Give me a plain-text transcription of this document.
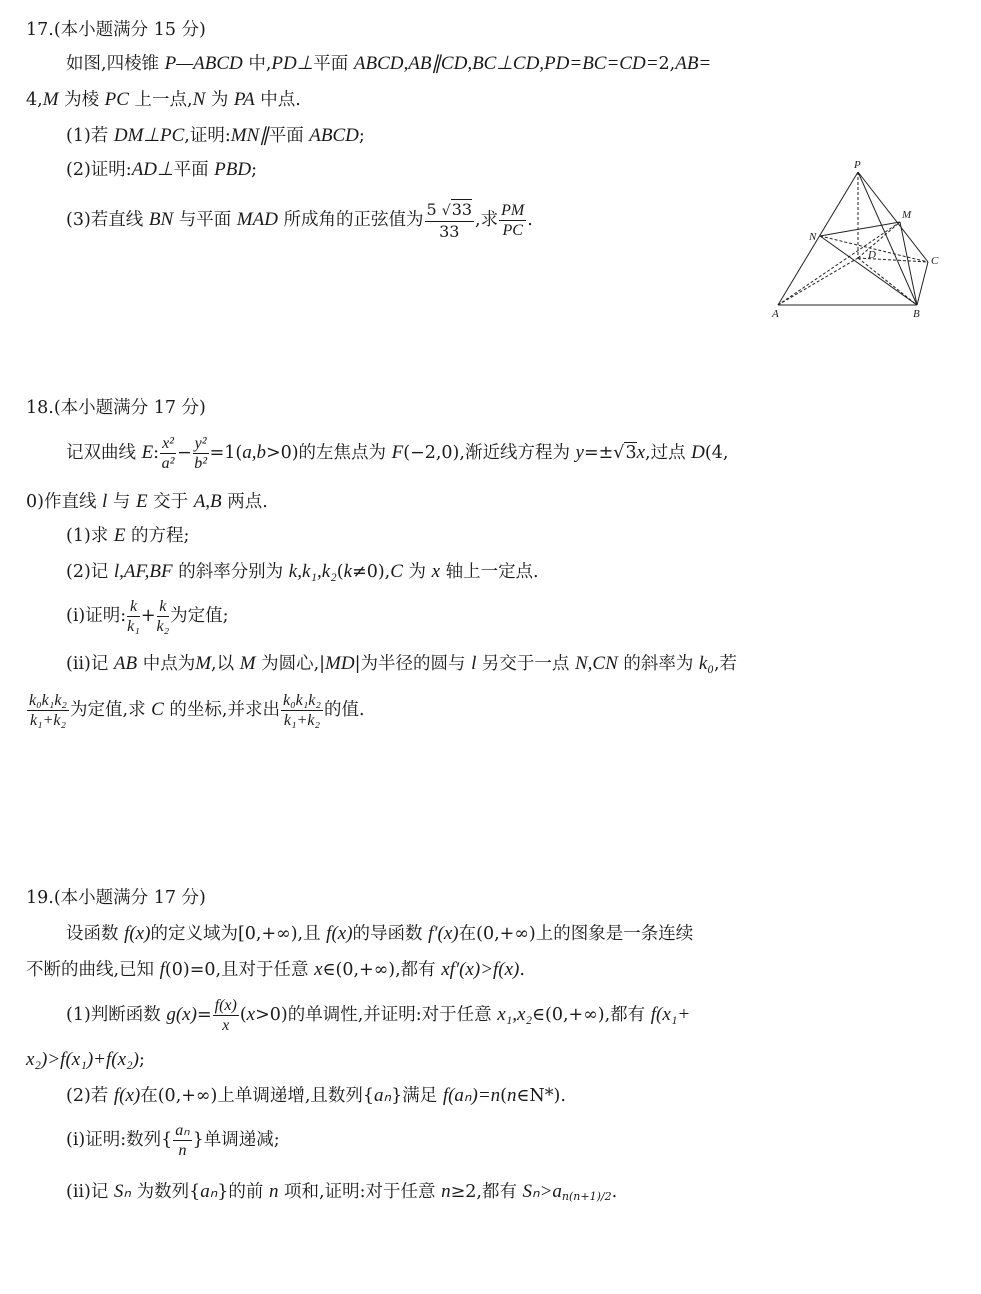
17.(本小题满分 15 分)
如图,四棱锥 P—ABCD 中,PD⊥平面 ABCD,AB∥CD,BC⊥CD,PD=BC=CD=2,AB=
4,M 为棱 PC 上一点,N 为 PA 中点.
(1)若 DM⊥PC,证明:MN∥平面 ABCD;
(2)证明:AD⊥平面 PBD;
(3)若直线 BN 与平面 MAD 所成角的正弦值为 $\frac{5 √33}{33}$ ,求 $\frac{PM}{PC}$ .
P
M
N
D	C
A	B
18.(本小题满分 17 分)
记双曲线 E: $\frac{\text{x²}}{\text{a²}} - \frac{\text{y²}}{\text{b²}} =1(a,b>0)$的左焦点为 F(−2,0),渐近线方程为 y=±√3x,过点 D(4,
0)作直线 l 与 E 交于 A,B 两点.
(1)求 E 的方程;
(2)记 l,AF,BF 的斜率分别为 k,k₁,k₂(k≠0),C 为 x 轴上一定点.
(ⅰ)证明: $\frac{k}{\text{k₁}} + \frac{k}{\text{k₂}}$ 为定值;
(ⅱ)记 AB 中点为M,以 M 为圆心,|MD|为半径的圆与 l 另交于一点 N,CN 的斜率为 k₀,若
$\frac{\text{k₀k₁k₂}}{\text{k₁+k₂}}$ 为定值,求 C 的坐标,并求出 $\frac{\text{k₀k₁k₂}}{\text{k₁+k₂}}$ 的值.
19.(本小题满分 17 分)
设函数 f(x)的定义域为[0,+∞),且 f(x)的导函数 f′(x)在(0,+∞)上的图象是一条连续
不断的曲线,已知 f(0)=0,且对于任意 x∈(0,+∞),都有 xf′(x)>f(x).
(1)判断函数 $g(x)= \frac{f(x)}{x} (x>0)$的单调性,并证明:对于任意 x₁,x₂∈(0,+∞),都有 f(x₁+
x₂)>f(x₁)+f(x₂);
(2)若 f(x)在(0,+∞)上单调递增,且数列{aₙ}满足 f(aₙ)=n(n∈N*).
(ⅰ)证明:数列{ $\frac{\text{aₙ}}{n}$ }单调递减;
(ⅱ)记 Sₙ 为数列{aₙ}的前 n 项和,证明:对于任意 n≥2,都有 $S_n>a_{n(n+1)/2}$.
